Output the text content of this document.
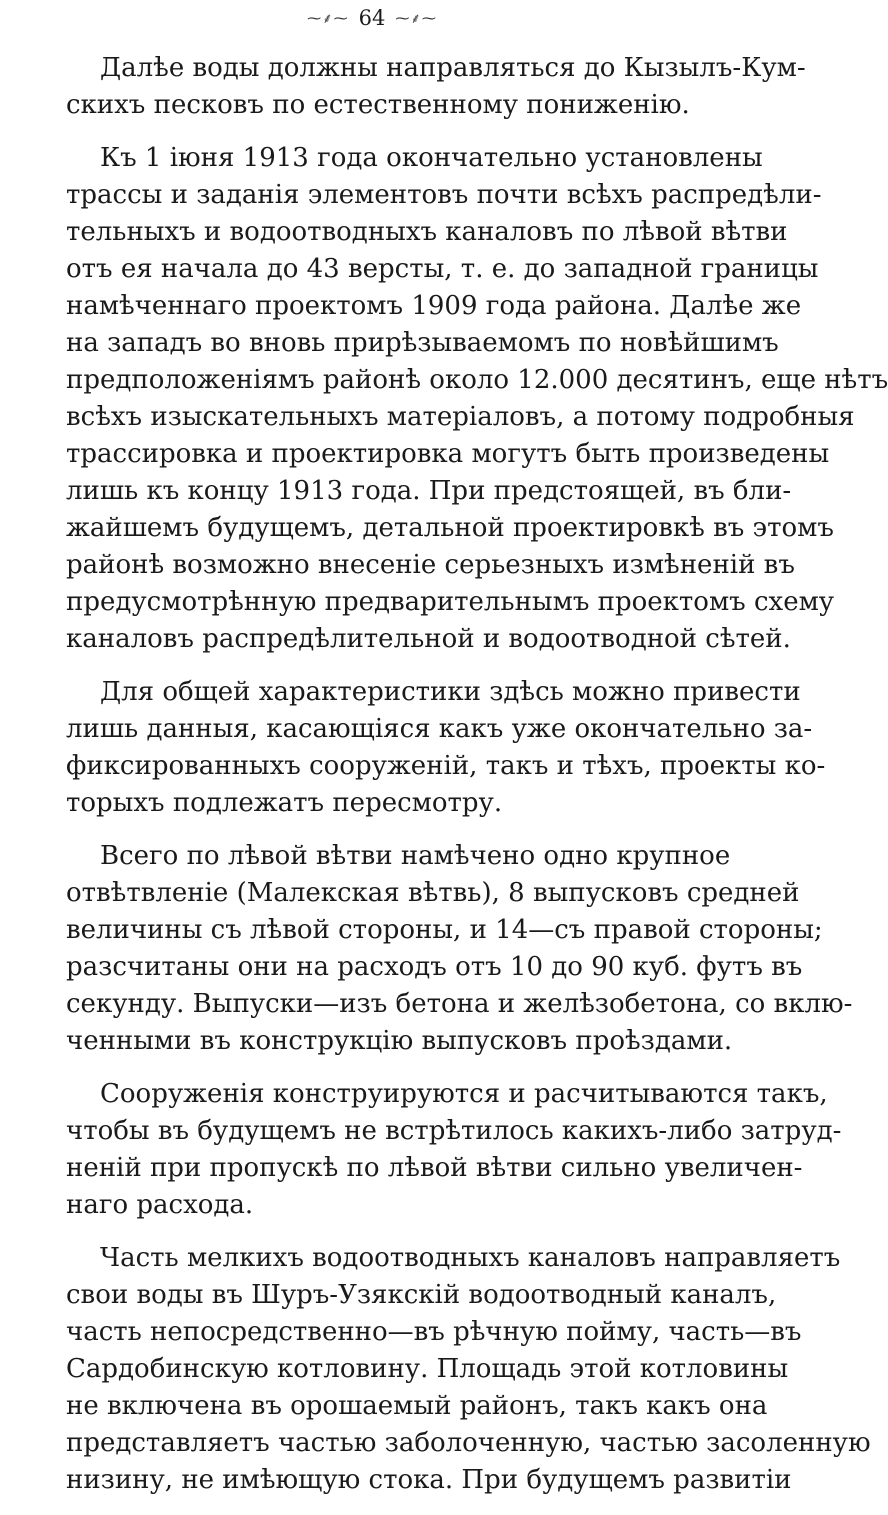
⁓⸙⁓ 64 ⁓⸙⁓
Далѣе воды должны направляться до Кызылъ-Кум-
скихъ песковъ по естественному пониженію.
Къ 1 іюня 1913 года окончательно установлены
трассы и заданія элементовъ почти всѣхъ распредѣли-
тельныхъ и водоотводныхъ каналовъ по лѣвой вѣтви
отъ ея начала до 43 версты, т. е. до западной границы
намѣченнаго проектомъ 1909 года района. Далѣе же
на западъ во вновь прирѣзываемомъ по новѣйшимъ
предположеніямъ районѣ около 12.000 десятинъ, еще нѣтъ
всѣхъ изыскательныхъ матеріаловъ, а потому подробныя
трассировка и проектировка могутъ быть произведены
лишь къ концу 1913 года. При предстоящей, въ бли-
жайшемъ будущемъ, детальной проектировкѣ въ этомъ
районѣ возможно внесеніе серьезныхъ измѣненій въ
предусмотрѣнную предварительнымъ проектомъ схему
каналовъ распредѣлительной и водоотводной сѣтей.
Для общей характеристики здѣсь можно привести
лишь данныя, касающіяся какъ уже окончательно за-
фиксированныхъ сооруженій, такъ и тѣхъ, проекты ко-
торыхъ подлежатъ пересмотру.
Всего по лѣвой вѣтви намѣчено одно крупное
отвѣтвленіе (Малекская вѣтвь), 8 выпусковъ средней
величины съ лѣвой стороны, и 14—съ правой стороны;
разсчитаны они на расходъ отъ 10 до 90 куб. футъ въ
секунду. Выпуски—изъ бетона и желѣзобетона, со вклю-
ченными въ конструкцію выпусковъ проѣздами.
Сооруженія конструируются и расчитываются такъ,
чтобы въ будущемъ не встрѣтилось какихъ-либо затруд-
неній при пропускѣ по лѣвой вѣтви сильно увеличен-
наго расхода.
Часть мелкихъ водоотводныхъ каналовъ направляетъ
свои воды въ Шуръ-Узякскій водоотводный каналъ,
часть непосредственно—въ рѣчную пойму, часть—въ
Сардобинскую котловину. Площадь этой котловины
не включена въ орошаемый районъ, такъ какъ она
представляетъ частью заболоченную, частью засоленную
низину, не имѣющую стока. При будущемъ развитіи
